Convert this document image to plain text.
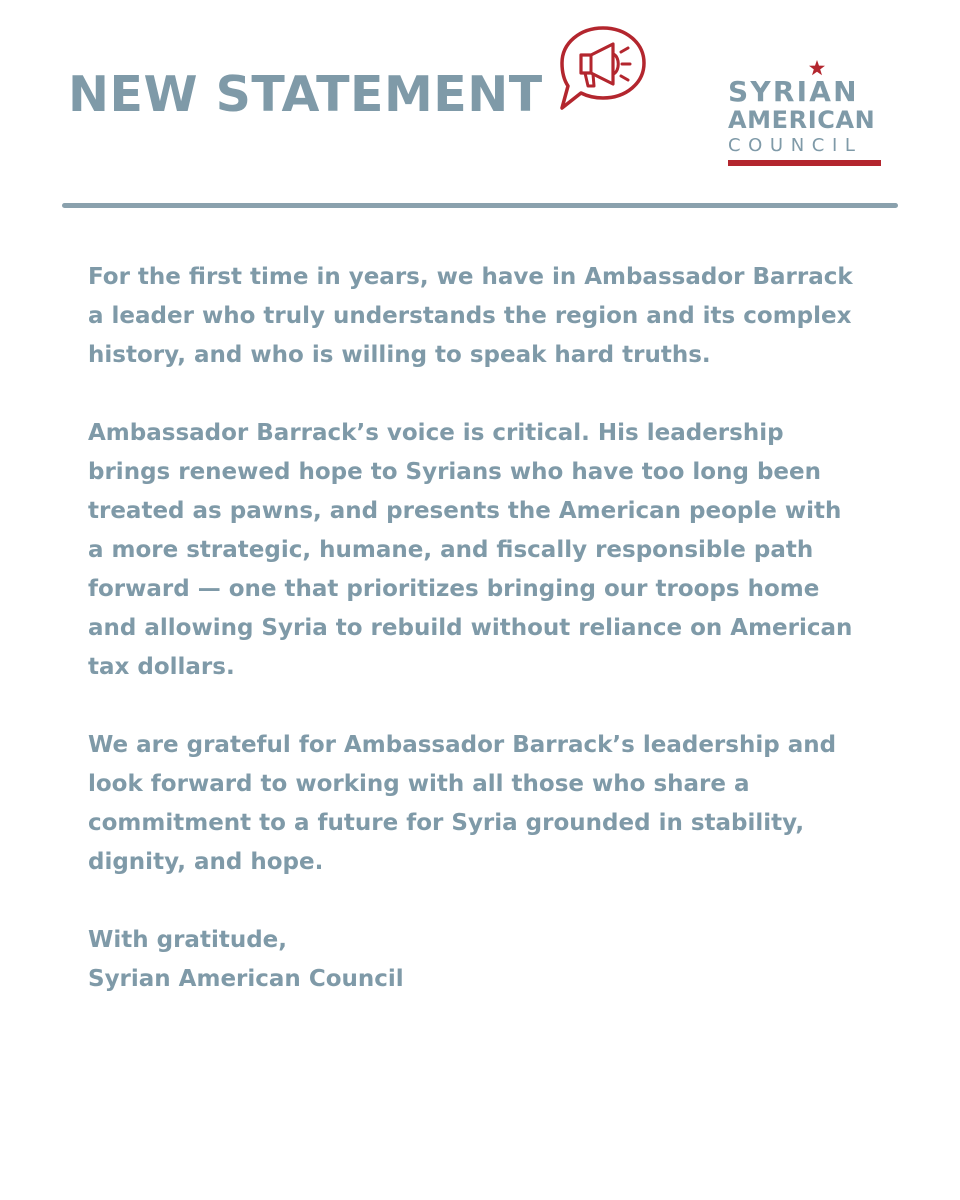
NEW STATEMENT	SYRIAN
AMERICAN
COUNCIL

For the first time in years, we have in Ambassador Barrack
a leader who truly understands the region and its complex
history, and who is willing to speak hard truths.

Ambassador Barrack’s voice is critical. His leadership
brings renewed hope to Syrians who have too long been
treated as pawns, and presents the American people with
a more strategic, humane, and fiscally responsible path
forward — one that prioritizes bringing our troops home
and allowing Syria to rebuild without reliance on American
tax dollars.

We are grateful for Ambassador Barrack’s leadership and
look forward to working with all those who share a
commitment to a future for Syria grounded in stability,
dignity, and hope.

With gratitude,
Syrian American Council
